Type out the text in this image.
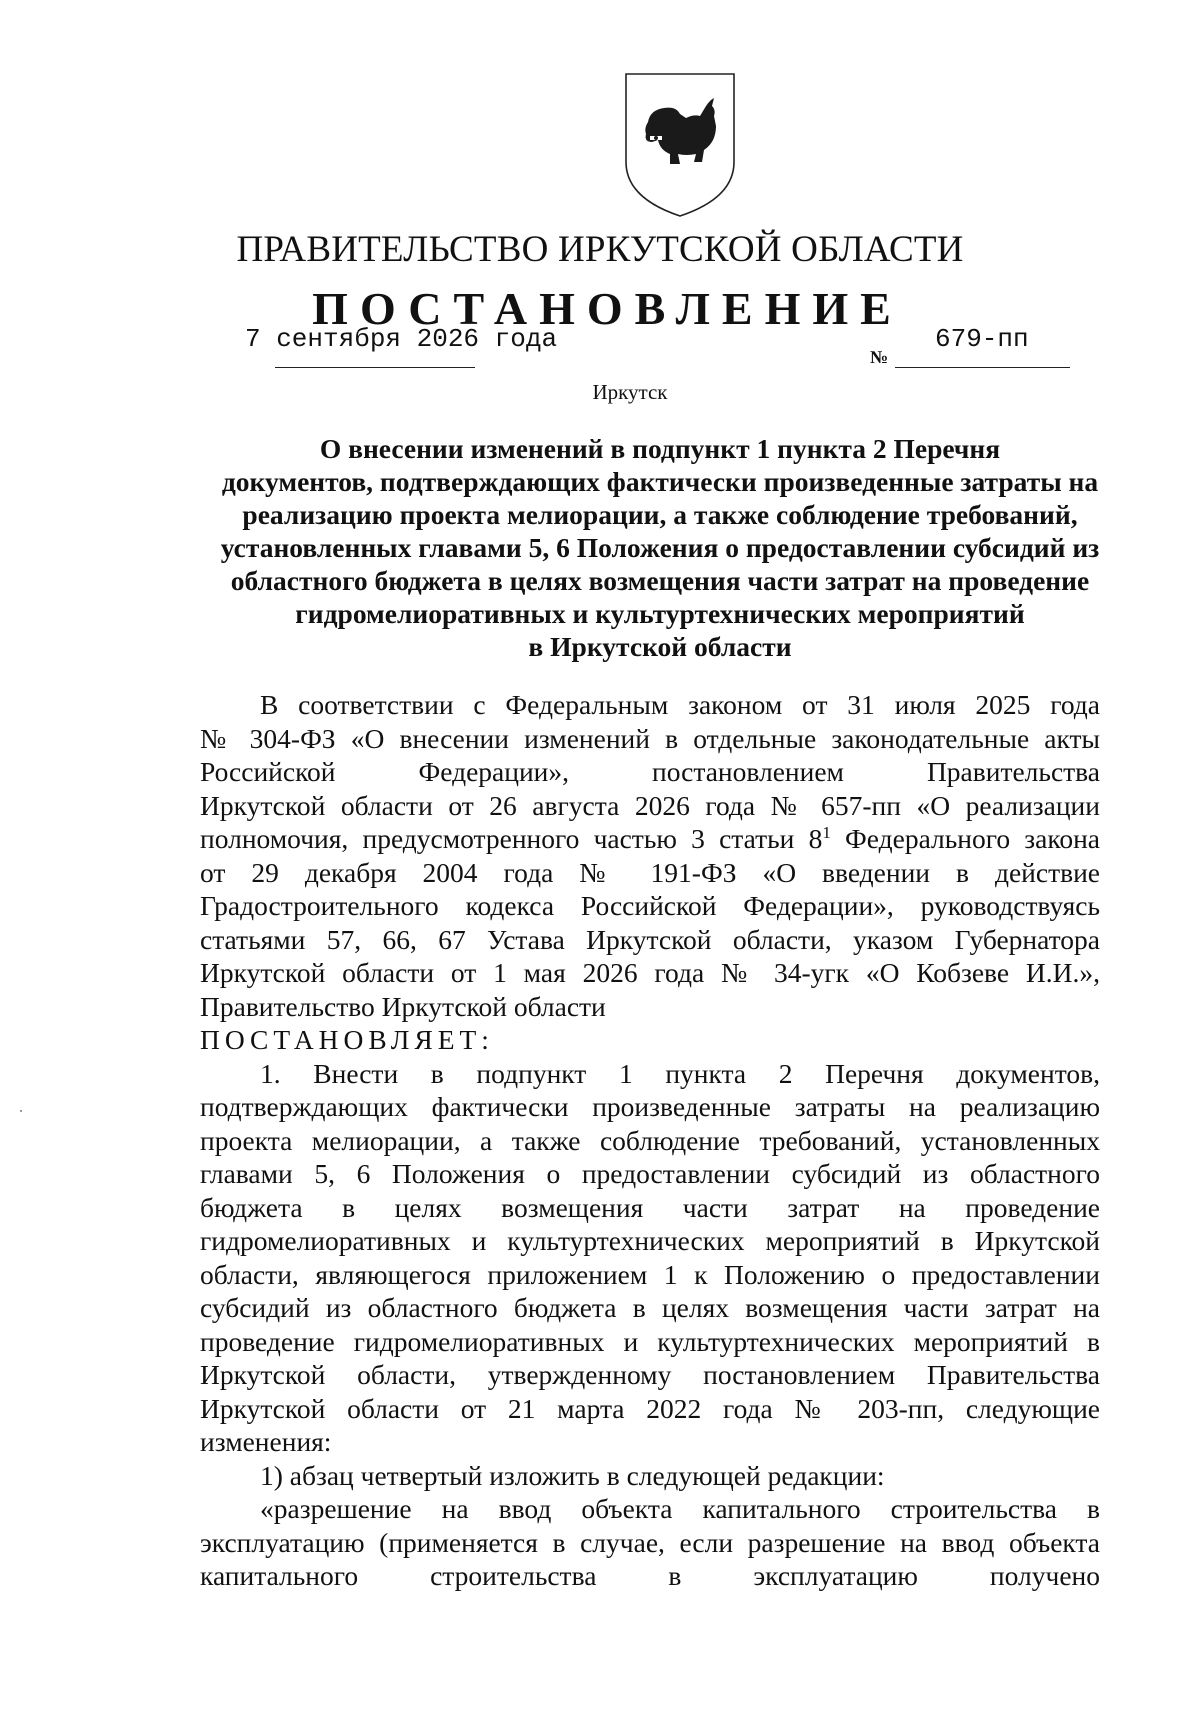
ПРАВИТЕЛЬСТВО ИРКУТСКОЙ ОБЛАСТИ
ПОСТАНОВЛЕНИЕ
7 сентября 2026 года
№
679-пп
Иркутск
О внесении изменений в подпункт 1 пункта 2 Перечня
документов, подтверждающих фактически произведенные затраты на
реализацию проекта мелиорации, а также соблюдение требований,
установленных главами 5, 6 Положения о предоставлении субсидий из
областного бюджета в целях возмещения части затрат на проведение
гидромелиоративных и культуртехнических мероприятий
в Иркутской области
В соответствии с Федеральным законом от 31 июля 2025 года
№ 304-ФЗ «О внесении изменений в отдельные законодательные акты
Российской Федерации», постановлением Правительства
Иркутской области от 26 августа 2026 года № 657-пп «О реализации
полномочия, предусмотренного частью 3 статьи $8^1$ Федерального закона
от 29 декабря 2004 года № 191-ФЗ «О введении в действие
Градостроительного кодекса Российской Федерации», руководствуясь
статьями 57, 66, 67 Устава Иркутской области, указом Губернатора
Иркутской области от 1 мая 2026 года № 34-угк «О Кобзеве И.И.»,
Правительство Иркутской области
ПОСТАНОВЛЯЕТ:
1. Внести в подпункт 1 пункта 2 Перечня документов,
подтверждающих фактически произведенные затраты на реализацию
проекта мелиорации, а также соблюдение требований, установленных
главами 5, 6 Положения о предоставлении субсидий из областного
бюджета в целях возмещения части затрат на проведение
гидромелиоративных и культуртехнических мероприятий в Иркутской
области, являющегося приложением 1 к Положению о предоставлении
субсидий из областного бюджета в целях возмещения части затрат на
проведение гидромелиоративных и культуртехнических мероприятий в
Иркутской области, утвержденному постановлением Правительства
Иркутской области от 21 марта 2022 года № 203-пп, следующие
изменения:
1) абзац четвертый изложить в следующей редакции:
«разрешение на ввод объекта капитального строительства в
эксплуатацию (применяется в случае, если разрешение на ввод объекта
капитального строительства в эксплуатацию получено
